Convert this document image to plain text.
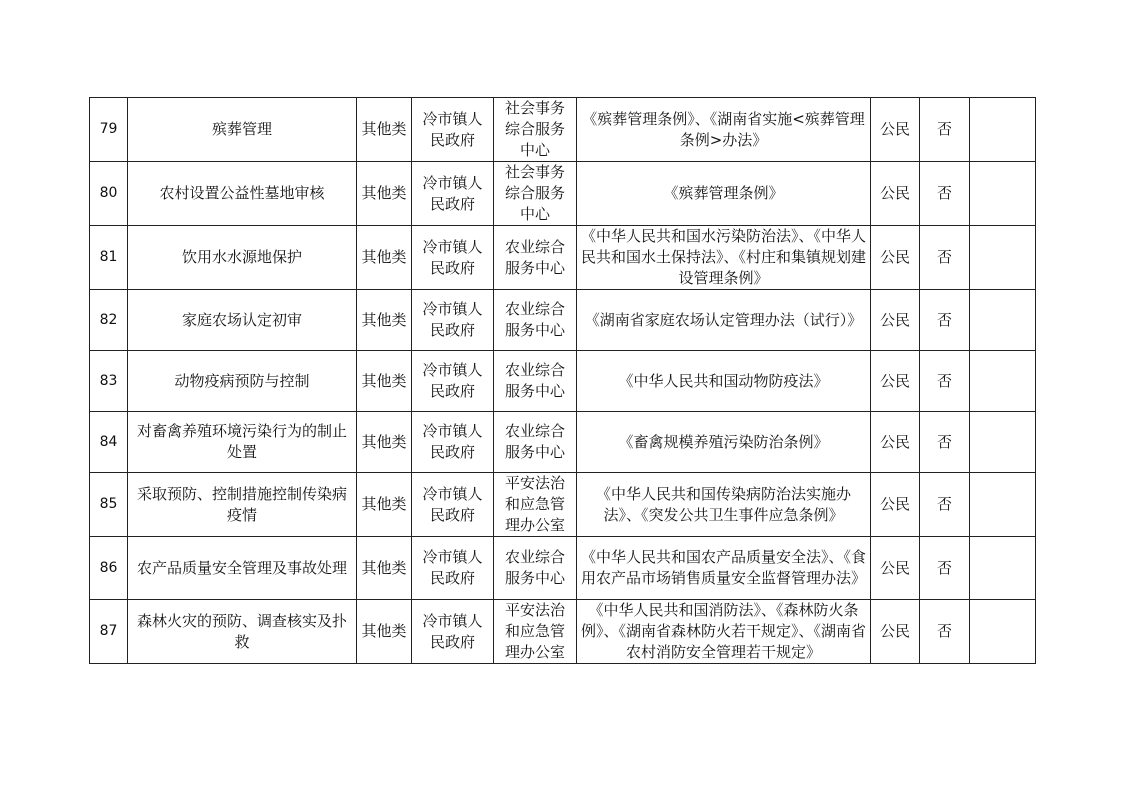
79	殡葬管理	其他类	冷市镇人民政府	社会事务综合服务中心	《殡葬管理条例》、《湖南省实施<殡葬管理条例>办法》	公民	否	
80	农村设置公益性墓地审核	其他类	冷市镇人民政府	社会事务综合服务中心	《殡葬管理条例》	公民	否	
81	饮用水水源地保护	其他类	冷市镇人民政府	农业综合服务中心	《中华人民共和国水污染防治法》、《中华人民共和国水土保持法》、《村庄和集镇规划建设管理条例》	公民	否	
82	家庭农场认定初审	其他类	冷市镇人民政府	农业综合服务中心	《湖南省家庭农场认定管理办法（试行）》	公民	否	
83	动物疫病预防与控制	其他类	冷市镇人民政府	农业综合服务中心	《中华人民共和国动物防疫法》	公民	否	
84	对畜禽养殖环境污染行为的制止处置	其他类	冷市镇人民政府	农业综合服务中心	《畜禽规模养殖污染防治条例》	公民	否	
85	采取预防、控制措施控制传染病疫情	其他类	冷市镇人民政府	平安法治和应急管理办公室	《中华人民共和国传染病防治法实施办法》、《突发公共卫生事件应急条例》	公民	否	
86	农产品质量安全管理及事故处理	其他类	冷市镇人民政府	农业综合服务中心	《中华人民共和国农产品质量安全法》、《食用农产品市场销售质量安全监督管理办法》	公民	否	
87	森林火灾的预防、调查核实及扑救	其他类	冷市镇人民政府	平安法治和应急管理办公室	《中华人民共和国消防法》、《森林防火条例》、《湖南省森林防火若干规定》、《湖南省农村消防安全管理若干规定》	公民	否	
